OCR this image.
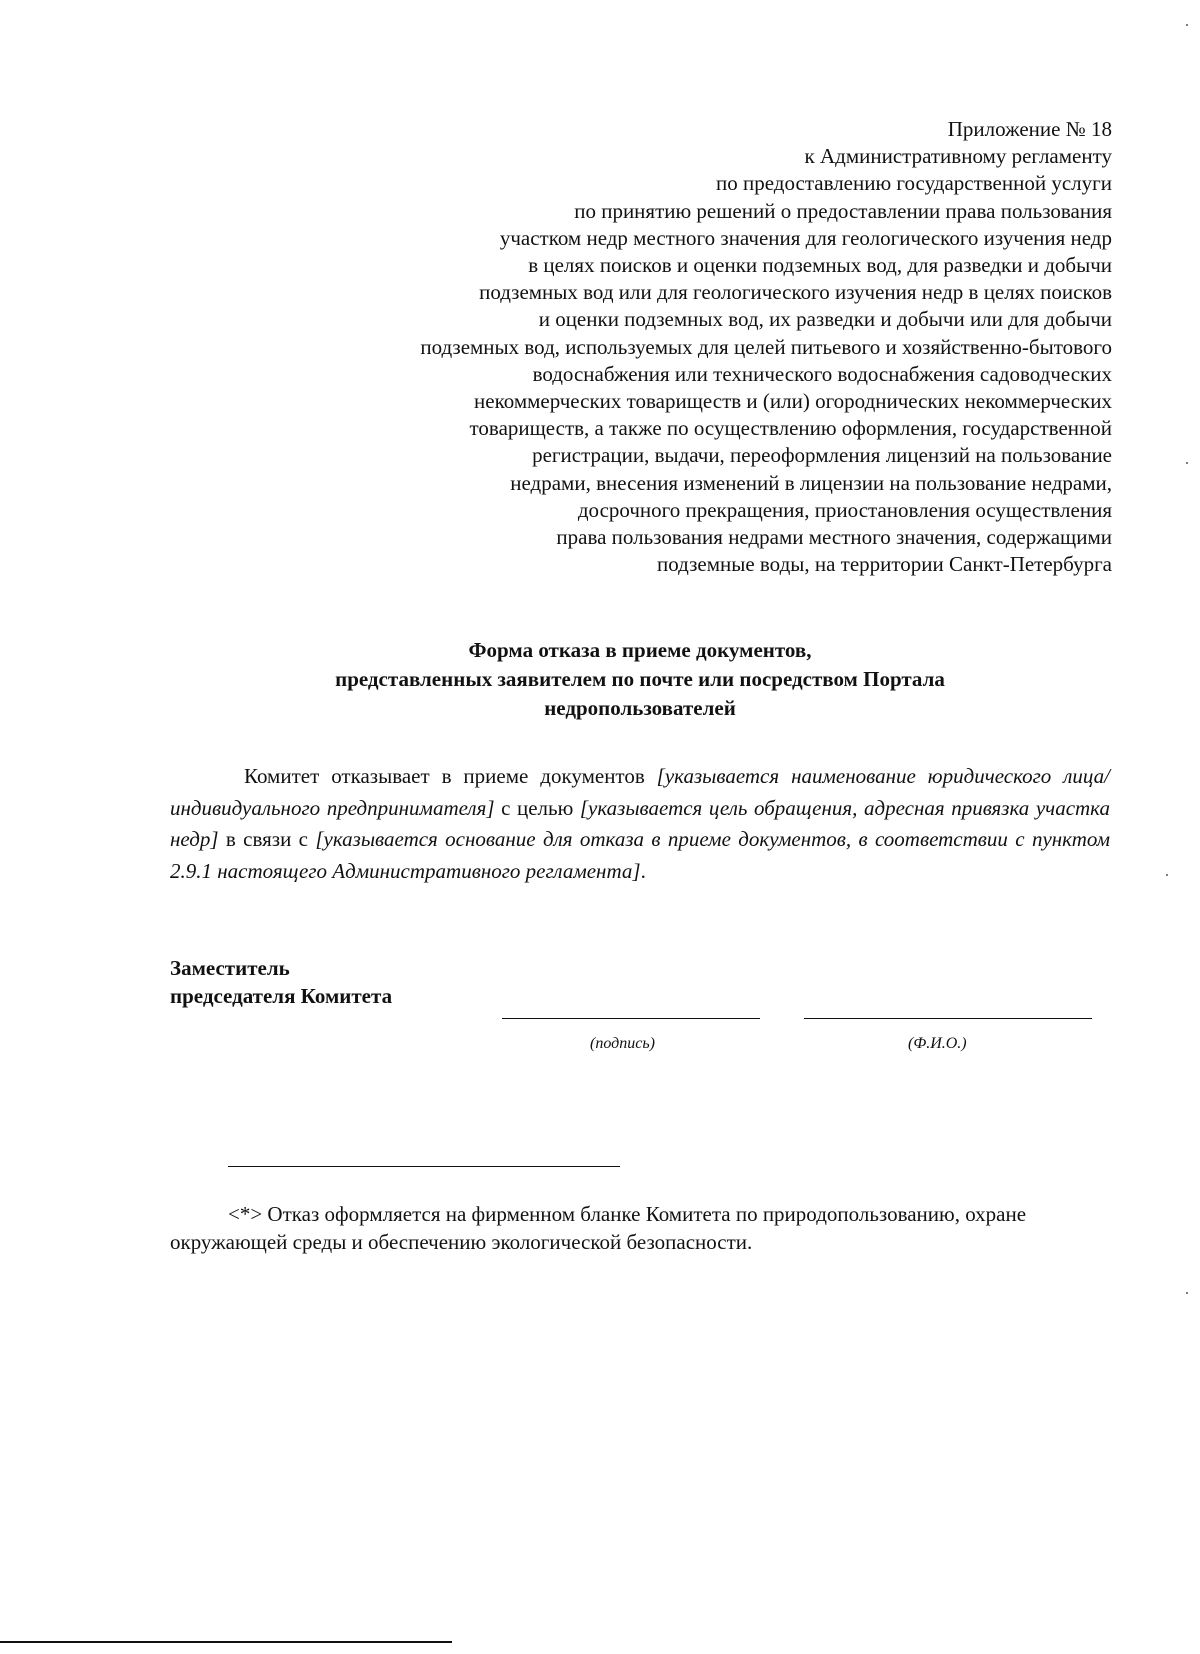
Приложение № 18
к Административному регламенту
по предоставлению государственной услуги
по принятию решений о предоставлении права пользования
участком недр местного значения для геологического изучения недр
в целях поисков и оценки подземных вод, для разведки и добычи
подземных вод или для геологического изучения недр в целях поисков
и оценки подземных вод, их разведки и добычи или для добычи
подземных вод, используемых для целей питьевого и хозяйственно-бытового
водоснабжения или технического водоснабжения садоводческих
некоммерческих товариществ и (или) огороднических некоммерческих
товариществ, а также по осуществлению оформления, государственной
регистрации, выдачи, переоформления лицензий на пользование
недрами, внесения изменений в лицензии на пользование недрами,
досрочного прекращения, приостановления осуществления
права пользования недрами местного значения, содержащими
подземные воды, на территории Санкт-Петербурга
Форма отказа в приеме документов,
представленных заявителем по почте или посредством Портала
недропользователей

Комитет отказывает в приеме документов [указывается наименование юридического лица/индивидуального предпринимателя] с целью [указывается цель обращения, адресная привязка участка недр] в связи с [указывается основание для отказа в приеме документов, в соответствии с пунктом 2.9.1 настоящего Административного регламента].

Заместитель
председателя Комитета
(подпись)	(Ф.И.О.)

<*> Отказ оформляется на фирменном бланке Комитета по природопользованию, охране окружающей среды и обеспечению экологической безопасности.
